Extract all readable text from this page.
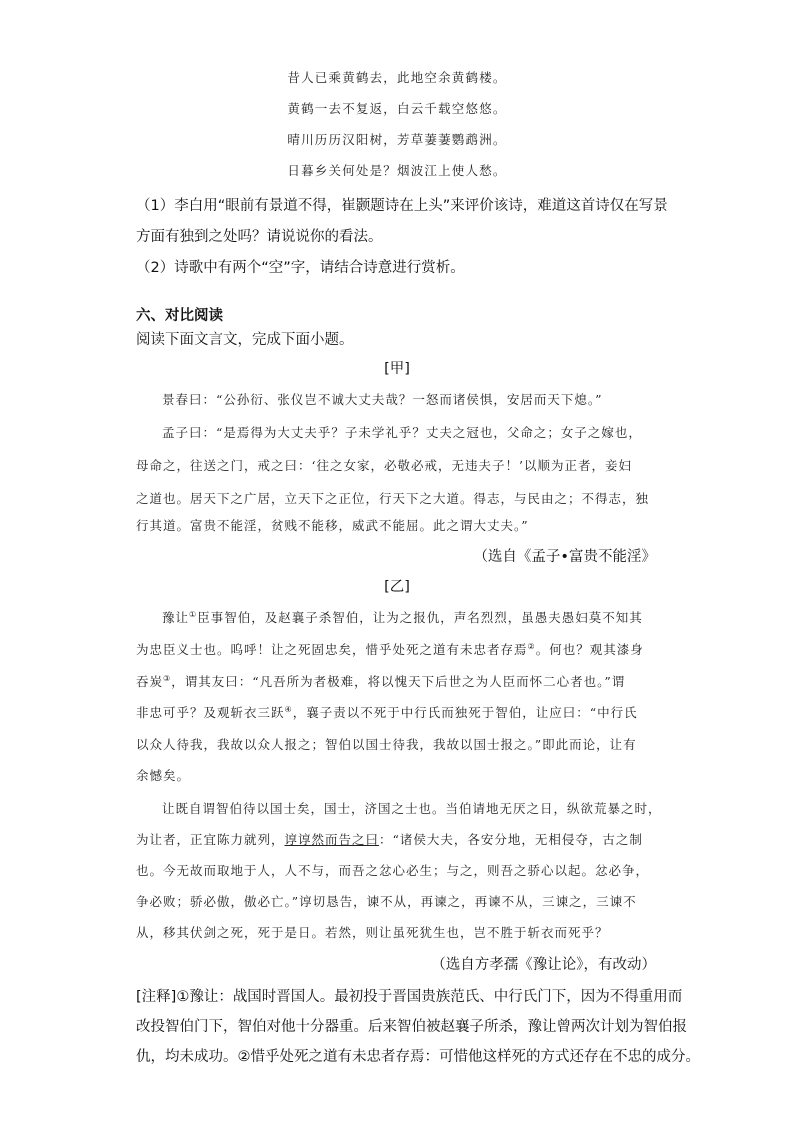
昔人已乘黄鹤去，此地空余黄鹤楼。
黄鹤一去不复返，白云千载空悠悠。
晴川历历汉阳树，芳草萋萋鹦鹉洲。
日暮乡关何处是？烟波江上使人愁。
（1）李白用“眼前有景道不得，崔颢题诗在上头”来评价该诗，难道这首诗仅在写景
方面有独到之处吗？请说说你的看法。
（2）诗歌中有两个“空”字，请结合诗意进行赏析。
六、对比阅读
阅读下面文言文，完成下面小题。
[甲]
景春曰：“公孙衍、张仪岂不诚大丈夫哉？一怒而诸侯惧，安居而天下熄。”
孟子曰：“是焉得为大丈夫乎？子未学礼乎？丈夫之冠也，父命之；女子之嫁也，
母命之，往送之门，戒之曰：‘往之女家，必敬必戒，无违夫子！’以顺为正者，妾妇
之道也。居天下之广居，立天下之正位，行天下之大道。得志，与民由之；不得志，独
行其道。富贵不能淫，贫贱不能移，威武不能屈。此之谓大丈夫。”
（选自《孟子•富贵不能淫》
[乙]
豫让①臣事智伯，及赵襄子杀智伯，让为之报仇，声名烈烈，虽愚夫愚妇莫不知其
为忠臣义士也。呜呼！让之死固忠矣，惜乎处死之道有未忠者存焉②。何也？观其漆身
吞炭③，谓其友曰：“凡吾所为者极难，将以愧天下后世之为人臣而怀二心者也。”谓
非忠可乎？及观斩衣三跃④，襄子责以不死于中行氏而独死于智伯，让应曰：“中行氏
以众人待我，我故以众人报之；智伯以国士待我，我故以国士报之。”即此而论，让有
余憾矣。
让既自谓智伯待以国士矣，国士，济国之士也。当伯请地无厌之日，纵欲荒暴之时，
为让者，正宜陈力就列，谆谆然而告之曰：“诸侯大夫，各安分地，无相侵夺，古之制
也。今无故而取地于人，人不与，而吾之忿心必生；与之，则吾之骄心以起。忿必争，
争必败；骄必傲，傲必亡。”谆切恳告，谏不从，再谏之，再谏不从，三谏之，三谏不
从，移其伏剑之死，死于是日。若然，则让虽死犹生也，岂不胜于斩衣而死乎？
（选自方孝孺《豫让论》，有改动）
[注释]①豫让：战国时晋国人。最初投于晋国贵族范氏、中行氏门下，因为不得重用而
改投智伯门下，智伯对他十分器重。后来智伯被赵襄子所杀，豫让曾两次计划为智伯报
仇，均未成功。②惜乎处死之道有未忠者存焉：可惜他这样死的方式还存在不忠的成分。
